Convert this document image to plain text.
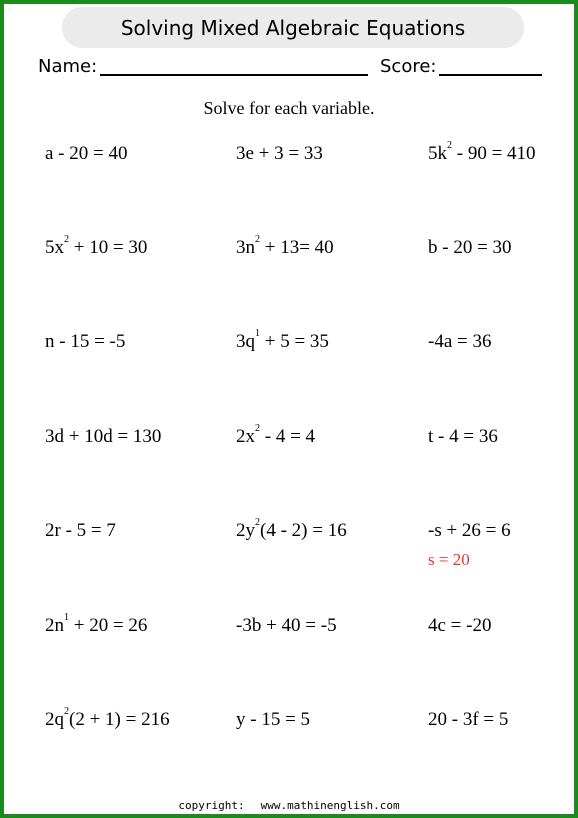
Solving Mixed Algebraic Equations
Name:	Score:
Solve for each variable.
a - 20 = 40	3e + 3 = 33	$5k^2 - 90 = 410$
$5x^2 + 10 = 30$	$3n^2 + 13= 40$	b - 20 = 30
n - 15 = -5	$3q^1 + 5 = 35$	-4a = 36
3d + 10d = 130	$2x^2 - 4 = 4$	t - 4 = 36
2r - 5 = 7	$2y^2(4 - 2) = 16$	-s + 26 = 6
$2n^1 + 20 = 26$	-3b + 40 = -5	4c = -20
$2q^2(2 + 1) = 216$	y - 15 = 5	20 - 3f = 5
s = 20
copyright: www.mathinenglish.com
